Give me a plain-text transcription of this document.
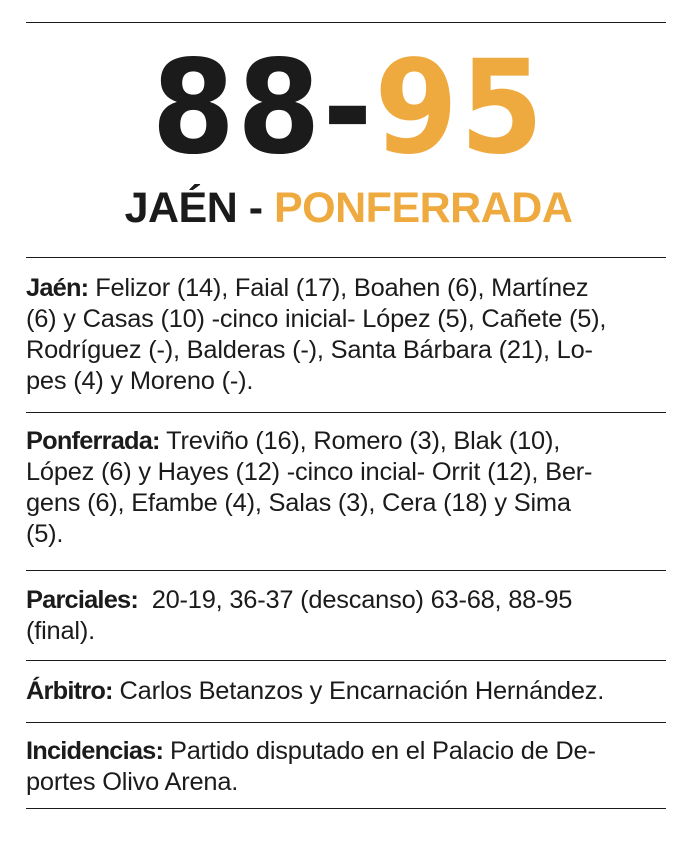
88-95
JAÉN - PONFERRADA
Jaén: Felizor (14), Faial (17), Boahen (6), Martínez
(6) y Casas (10) -cinco inicial- López (5), Cañete (5),
Rodríguez (-), Balderas (-), Santa Bárbara (21), Lo-
pes (4) y Moreno (-).
Ponferrada: Treviño (16), Romero (3), Blak (10),
López (6) y Hayes (12) -cinco incial- Orrit (12), Ber-
gens (6), Efambe (4), Salas (3), Cera (18) y Sima
(5).
Parciales:  20-19, 36-37 (descanso) 63-68, 88-95
(final).
Árbitro: Carlos Betanzos y Encarnación Hernández.
Incidencias: Partido disputado en el Palacio de De-
portes Olivo Arena.
